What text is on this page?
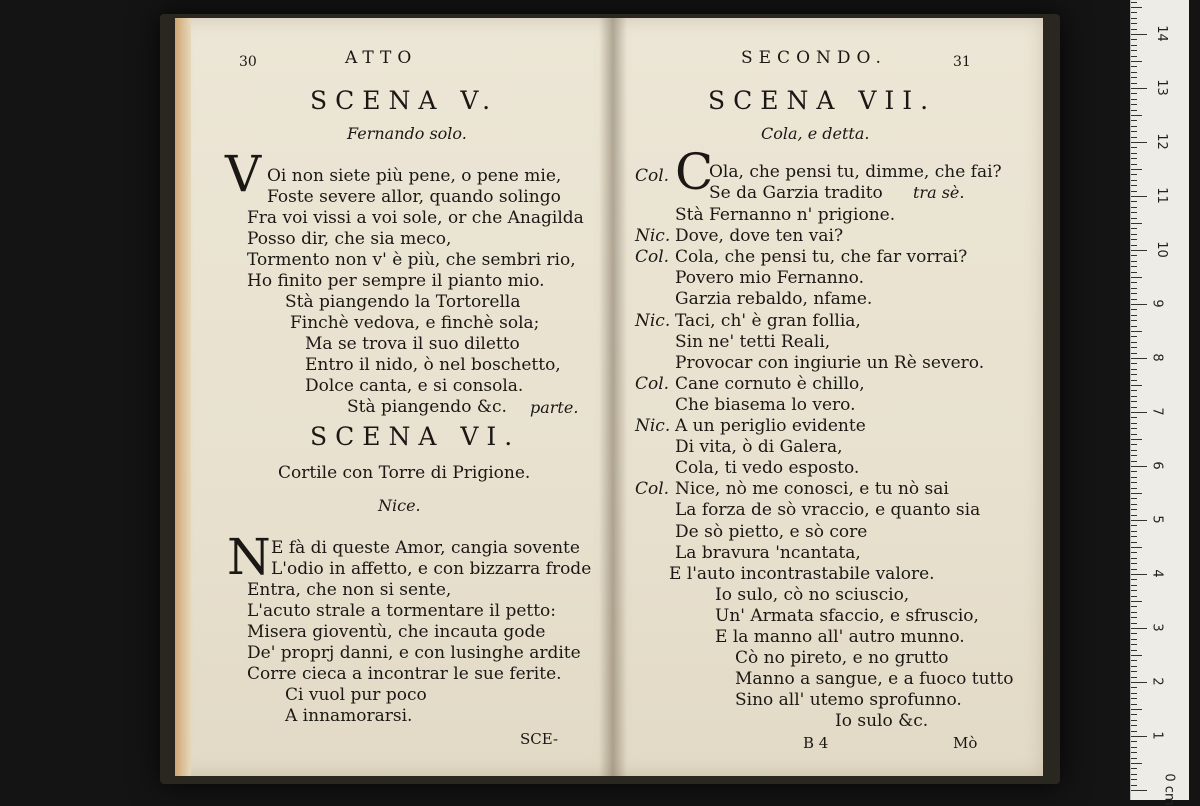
30	ATTO
SCENA V.
Fernando solo.
V Oi non siete più pene, o pene mie,
Foste severe allor, quando solingo
Fra voi vissi a voi sole, or che Anagilda
Posso dir, che sia meco,
Tormento non v' è più, che sembri rio,
Ho finito per sempre il pianto mio.
Stà piangendo la Tortorella
Finchè vedova, e finchè sola;
Ma se trova il suo diletto
Entro il nido, ò nel boschetto,
Dolce canta, e si consola.
Stà piangendo &c. parte.
SCENA VI.
Cortile con Torre di Prigione.
Nice.
N E fà di queste Amor, cangia sovente
L'odio in affetto, e con bizzarra frode
Entra, che non si sente,
L'acuto strale a tormentare il petto:
Misera gioventù, che incauta gode
De' proprj danni, e con lusinghe ardite
Corre cieca a incontrar le sue ferite.
Ci vuol pur poco
A innamorarsi.
SCE-
SECONDO.	31
SCENA VII.
Cola, e detta.
Col. C
Ola, che pensi tu, dimme, che fai?
Se da Garzia tradito tra sè.
Stà Fernanno n' prigione.
Nic. Dove, dove ten vai?
Col. Cola, che pensi tu, che far vorrai?
Povero mio Fernanno.
Garzia rebaldo, nfame.
Nic. Taci, ch' è gran follia,
Sin ne' tetti Reali,
Provocar con ingiurie un Rè severo.
Col. Cane cornuto è chillo,
Che biasema lo vero.
Nic. A un periglio evidente
Di vita, ò di Galera,
Cola, ti vedo esposto.
Col. Nice, nò me conosci, e tu nò sai
La forza de sò vraccio, e quanto sia
De sò pietto, e sò core
La bravura 'ncantata,
E l'auto incontrastabile valore.
Io sulo, cò no sciuscio,
Un' Armata sfaccio, e sfruscio,
E la manno all' autro munno.
Cò no pireto, e no grutto
Manno a sangue, e a fuoco tutto
Sino all' utemo sprofunno.
Io sulo &c.
B 4	Mò
0 cm
1
2
3
4
5
6
7
8
9
10
11
12
13
14
